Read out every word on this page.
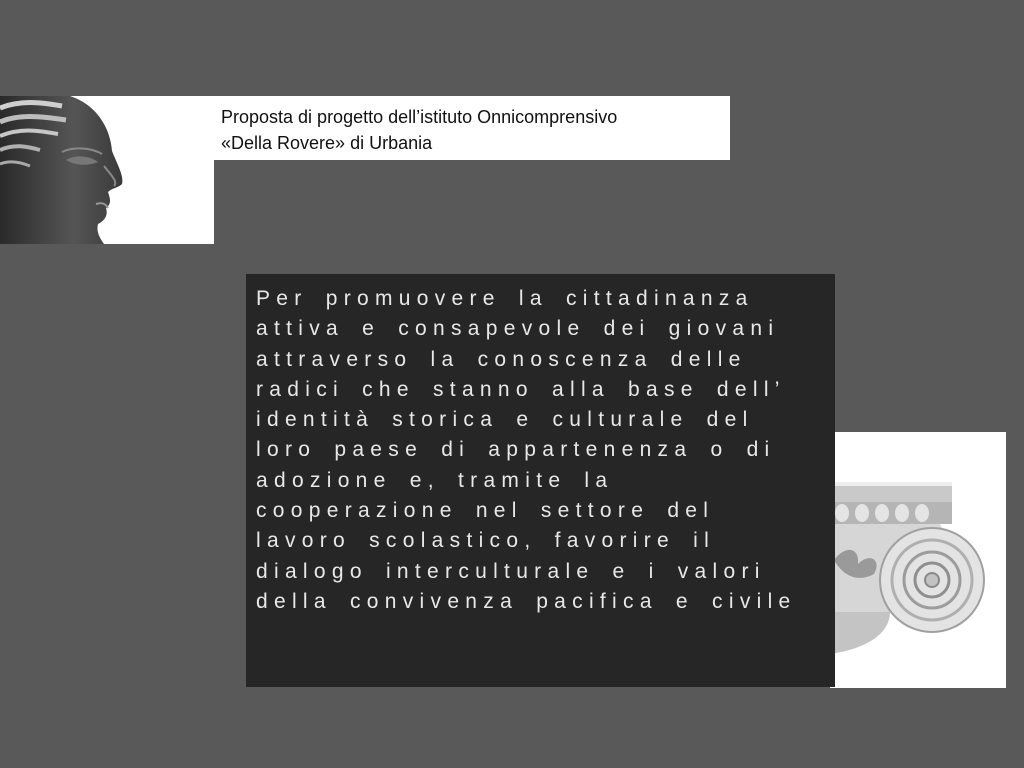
Proposta di progetto dell’istituto Onnicomprensivo
«Della Rovere» di Urbania

Per promuovere la cittadinanza attiva e consapevole dei giovani attraverso la conoscenza delle radici che stanno alla base dell’ identità storica e culturale del loro paese di appartenenza o di adozione e, tramite la cooperazione nel settore del lavoro scolastico, favorire il dialogo interculturale e i valori della convivenza pacifica e civile
